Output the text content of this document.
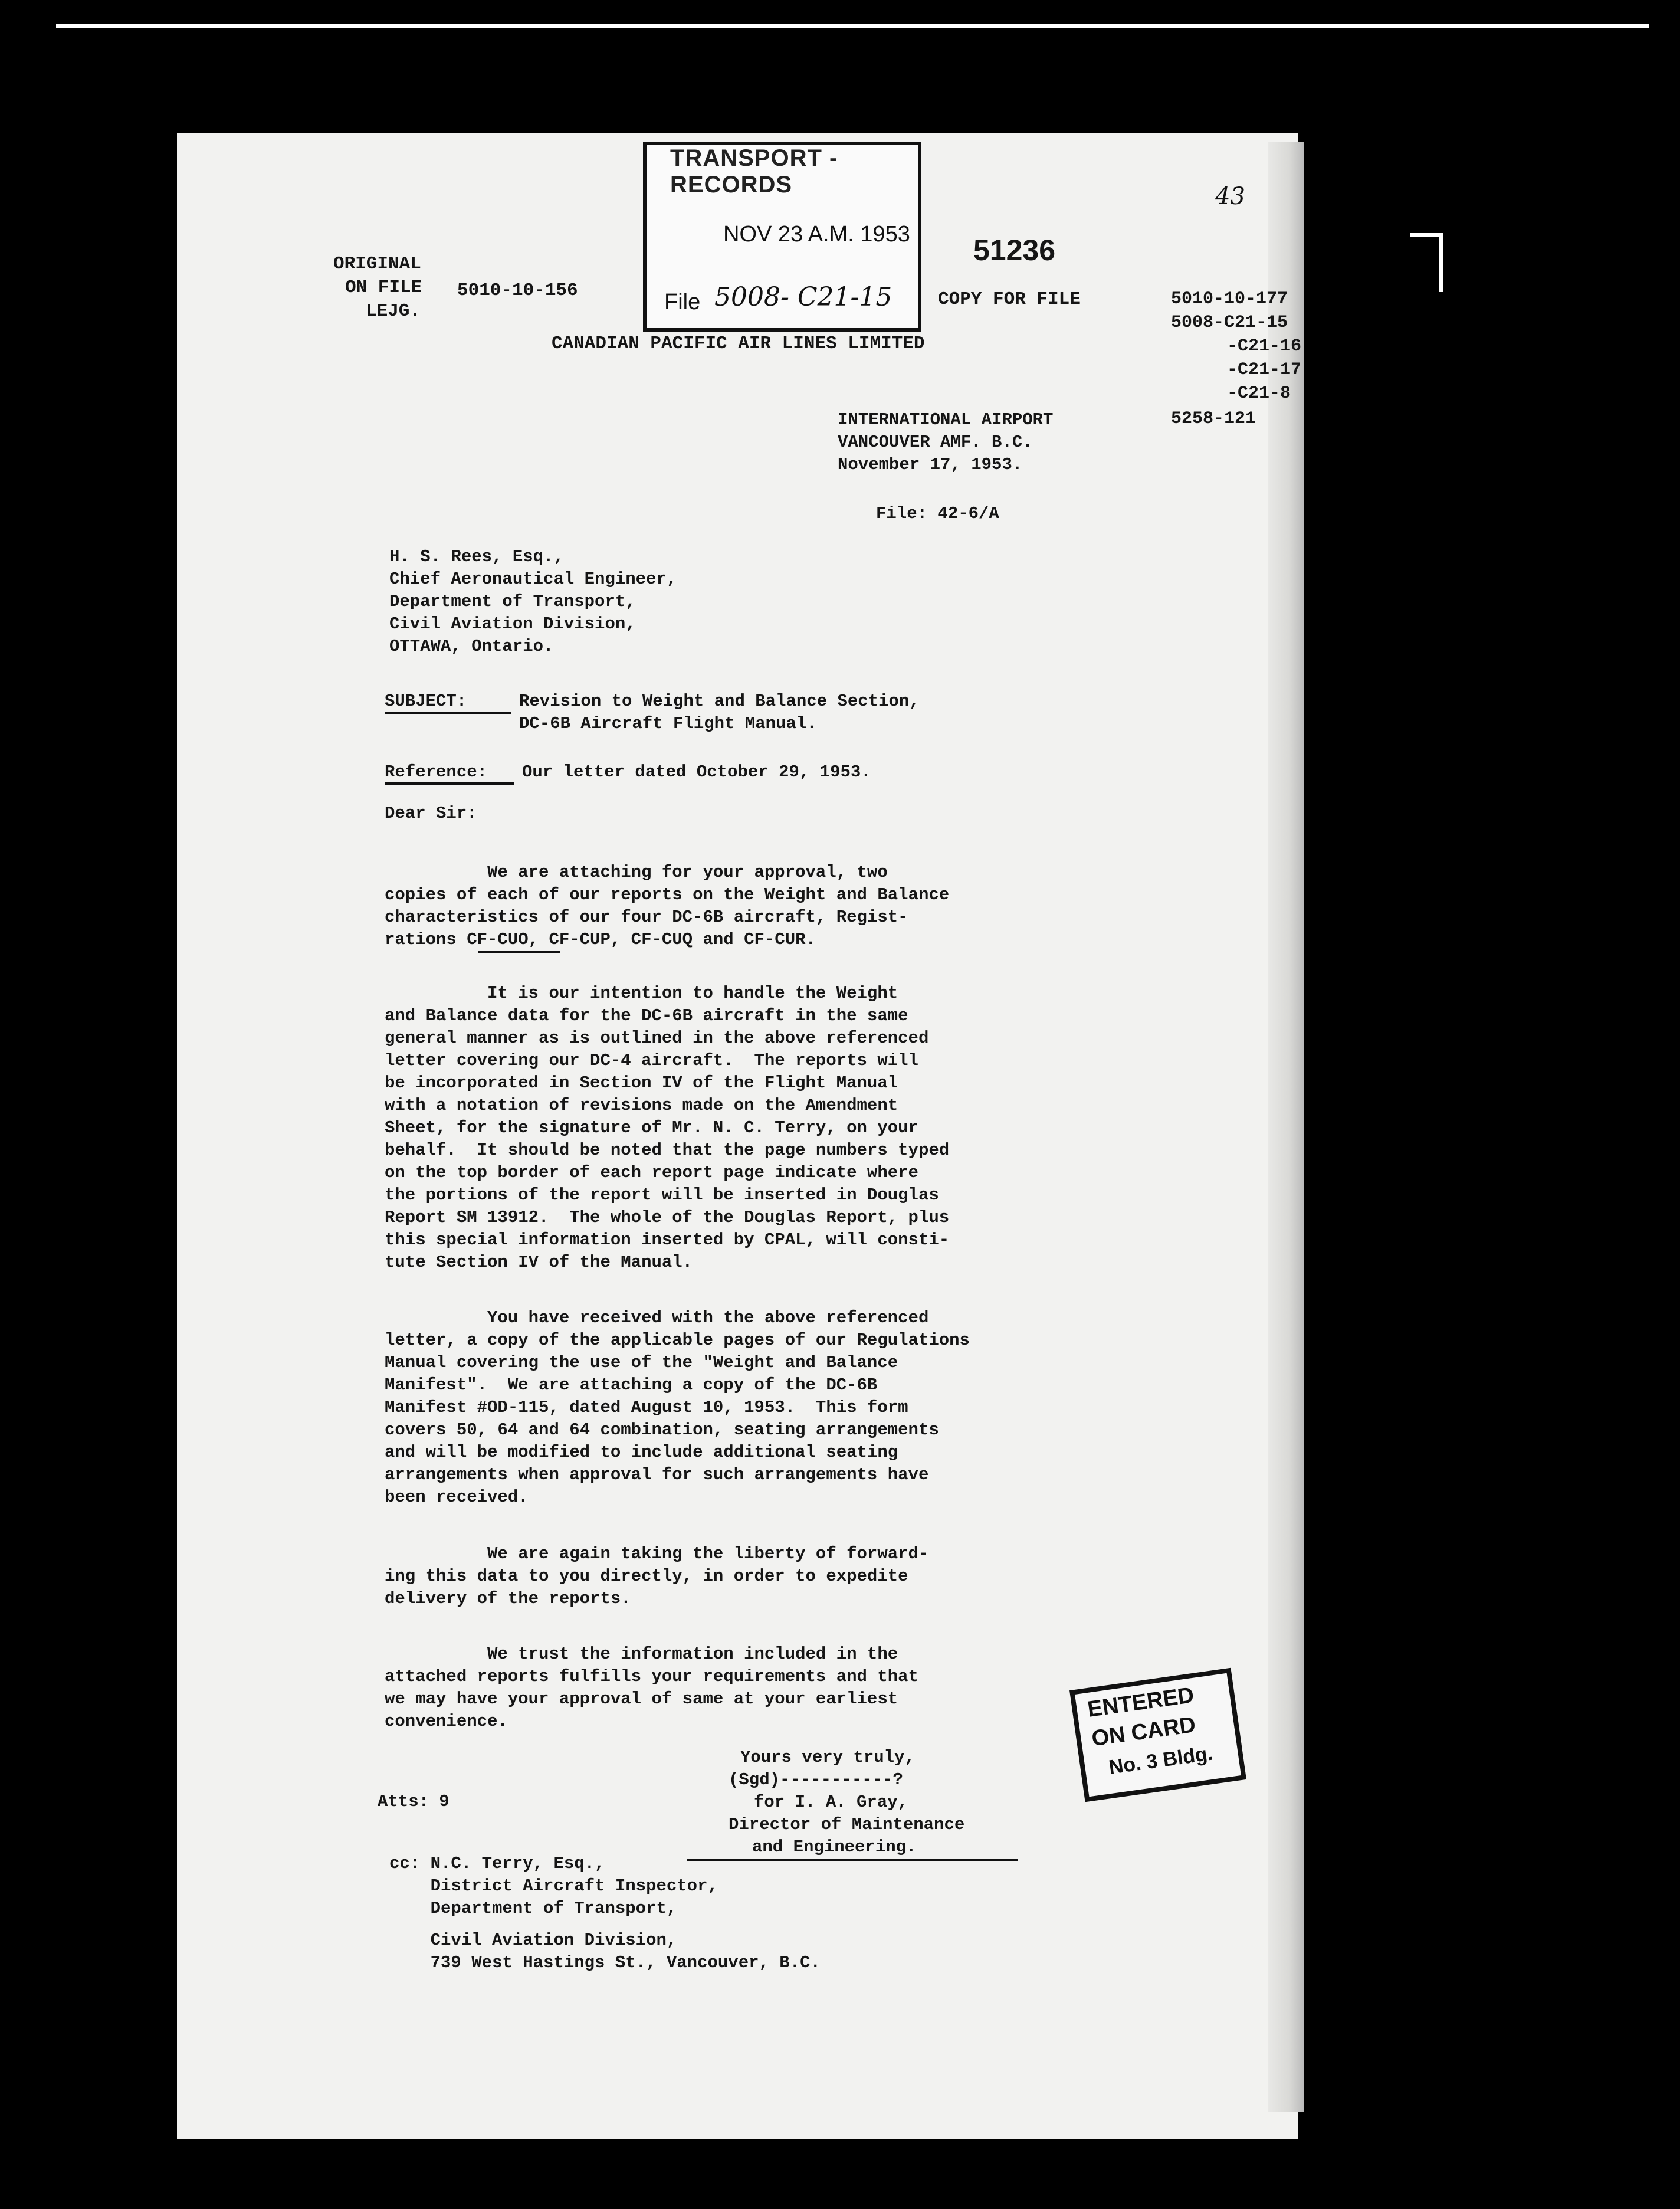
ORIGINAL
ON FILE
LEJG.
5010-10-156
TRANSPORT - RECORDS
NOV 23 A.M. 1953
File 5008- C21-15
51236
COPY FOR FILE
43
5010-10-177
5008-C21-15
-C21-16
-C21-17
-C21-8
5258-121
CANADIAN PACIFIC AIR LINES LIMITED
INTERNATIONAL AIRPORT
VANCOUVER AMF. B.C.
November 17, 1953.
File: 42-6/A
H. S. Rees, Esq.,
Chief Aeronautical Engineer,
Department of Transport,
Civil Aviation Division,
OTTAWA, Ontario.
SUBJECT:	Revision to Weight and Balance Section,
DC-6B Aircraft Flight Manual.
Reference: Our letter dated October 29, 1953.
Dear Sir:
We are attaching for your approval, two
copies of each of our reports on the Weight and Balance
characteristics of our four DC-6B aircraft, Regist-
rations CF-CUO, CF-CUP, CF-CUQ and CF-CUR.
It is our intention to handle the Weight
and Balance data for the DC-6B aircraft in the same
general manner as is outlined in the above referenced
letter covering our DC-4 aircraft.  The reports will
be incorporated in Section IV of the Flight Manual
with a notation of revisions made on the Amendment
Sheet, for the signature of Mr. N. C. Terry, on your
behalf.  It should be noted that the page numbers typed
on the top border of each report page indicate where
the portions of the report will be inserted in Douglas
Report SM 13912.  The whole of the Douglas Report, plus
this special information inserted by CPAL, will consti-
tute Section IV of the Manual.
You have received with the above referenced
letter, a copy of the applicable pages of our Regulations
Manual covering the use of the "Weight and Balance
Manifest".  We are attaching a copy of the DC-6B
Manifest #OD-115, dated August 10, 1953.  This form
covers 50, 64 and 64 combination, seating arrangements
and will be modified to include additional seating
arrangements when approval for such arrangements have
been received.
We are again taking the liberty of forward-
ing this data to you directly, in order to expedite
delivery of the reports.
We trust the information included in the
attached reports fulfills your requirements and that
we may have your approval of same at your earliest
convenience.	ENTERED
ON CARD
No. 3 Bldg.
Yours very truly,
(Sgd)-----------?
for I. A. Gray,
Director of Maintenance
and Engineering.
Atts: 9
cc: N.C. Terry, Esq.,
District Aircraft Inspector,
Department of Transport,
Civil Aviation Division,
739 West Hastings St., Vancouver, B.C.
